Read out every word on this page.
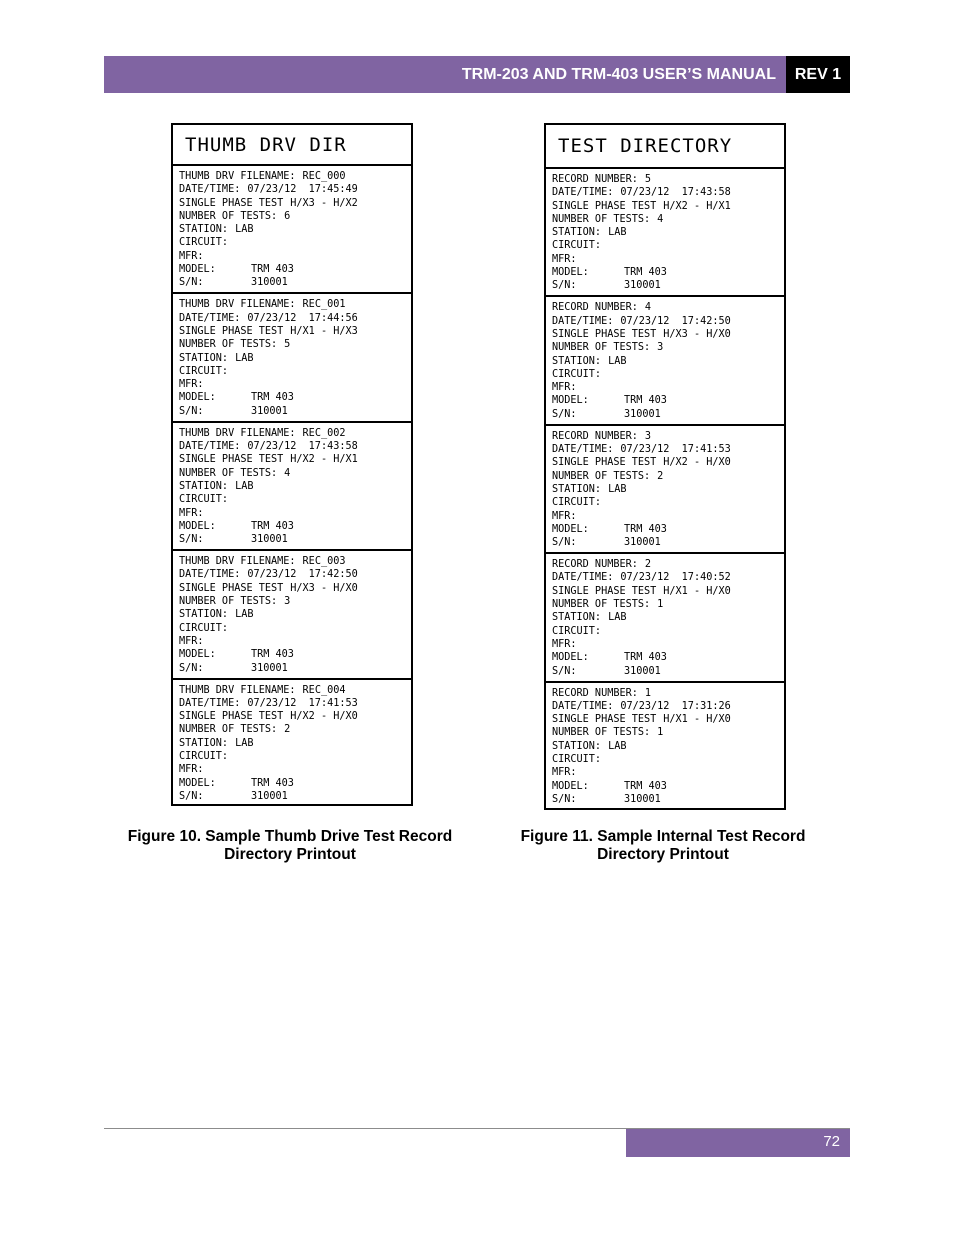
TRM-203 AND TRM-403 USER’S MANUAL	REV 1
THUMB DRV DIR
THUMB DRV FILENAME: REC_000
DATE/TIME: 07/23/12  17:45:49
SINGLE PHASE TEST H/X3 - H/X2
NUMBER OF TESTS: 6
STATION: LAB
CIRCUIT:
MFR:
MODEL:	TRM 403
S/N:	310001
THUMB DRV FILENAME: REC_001
DATE/TIME: 07/23/12  17:44:56
SINGLE PHASE TEST H/X1 - H/X3
NUMBER OF TESTS: 5
STATION: LAB
CIRCUIT:
MFR:
MODEL:	TRM 403
S/N:	310001
THUMB DRV FILENAME: REC_002
DATE/TIME: 07/23/12  17:43:58
SINGLE PHASE TEST H/X2 - H/X1
NUMBER OF TESTS: 4
STATION: LAB
CIRCUIT:
MFR:
MODEL:	TRM 403
S/N:	310001
THUMB DRV FILENAME: REC_003
DATE/TIME: 07/23/12  17:42:50
SINGLE PHASE TEST H/X3 - H/X0
NUMBER OF TESTS: 3
STATION: LAB
CIRCUIT:
MFR:
MODEL:	TRM 403
S/N:	310001
THUMB DRV FILENAME: REC_004
DATE/TIME: 07/23/12  17:41:53
SINGLE PHASE TEST H/X2 - H/X0
NUMBER OF TESTS: 2
STATION: LAB
CIRCUIT:
MFR:
MODEL:	TRM 403
S/N:	310001
TEST DIRECTORY
RECORD NUMBER: 5
DATE/TIME: 07/23/12  17:43:58
SINGLE PHASE TEST H/X2 - H/X1
NUMBER OF TESTS: 4
STATION: LAB
CIRCUIT:
MFR:
MODEL:	TRM 403
S/N:	310001
RECORD NUMBER: 4
DATE/TIME: 07/23/12  17:42:50
SINGLE PHASE TEST H/X3 - H/X0
NUMBER OF TESTS: 3
STATION: LAB
CIRCUIT:
MFR:
MODEL:	TRM 403
S/N:	310001
RECORD NUMBER: 3
DATE/TIME: 07/23/12  17:41:53
SINGLE PHASE TEST H/X2 - H/X0
NUMBER OF TESTS: 2
STATION: LAB
CIRCUIT:
MFR:
MODEL:	TRM 403
S/N:	310001
RECORD NUMBER: 2
DATE/TIME: 07/23/12  17:40:52
SINGLE PHASE TEST H/X1 - H/X0
NUMBER OF TESTS: 1
STATION: LAB
CIRCUIT:
MFR:
MODEL:	TRM 403
S/N:	310001
RECORD NUMBER: 1
DATE/TIME: 07/23/12  17:31:26
SINGLE PHASE TEST H/X1 - H/X0
NUMBER OF TESTS: 1
STATION: LAB
CIRCUIT:
MFR:
MODEL:	TRM 403
S/N:	310001
Figure 10. Sample Thumb Drive Test Record
Directory Printout
Figure 11. Sample Internal Test Record
Directory Printout
72
